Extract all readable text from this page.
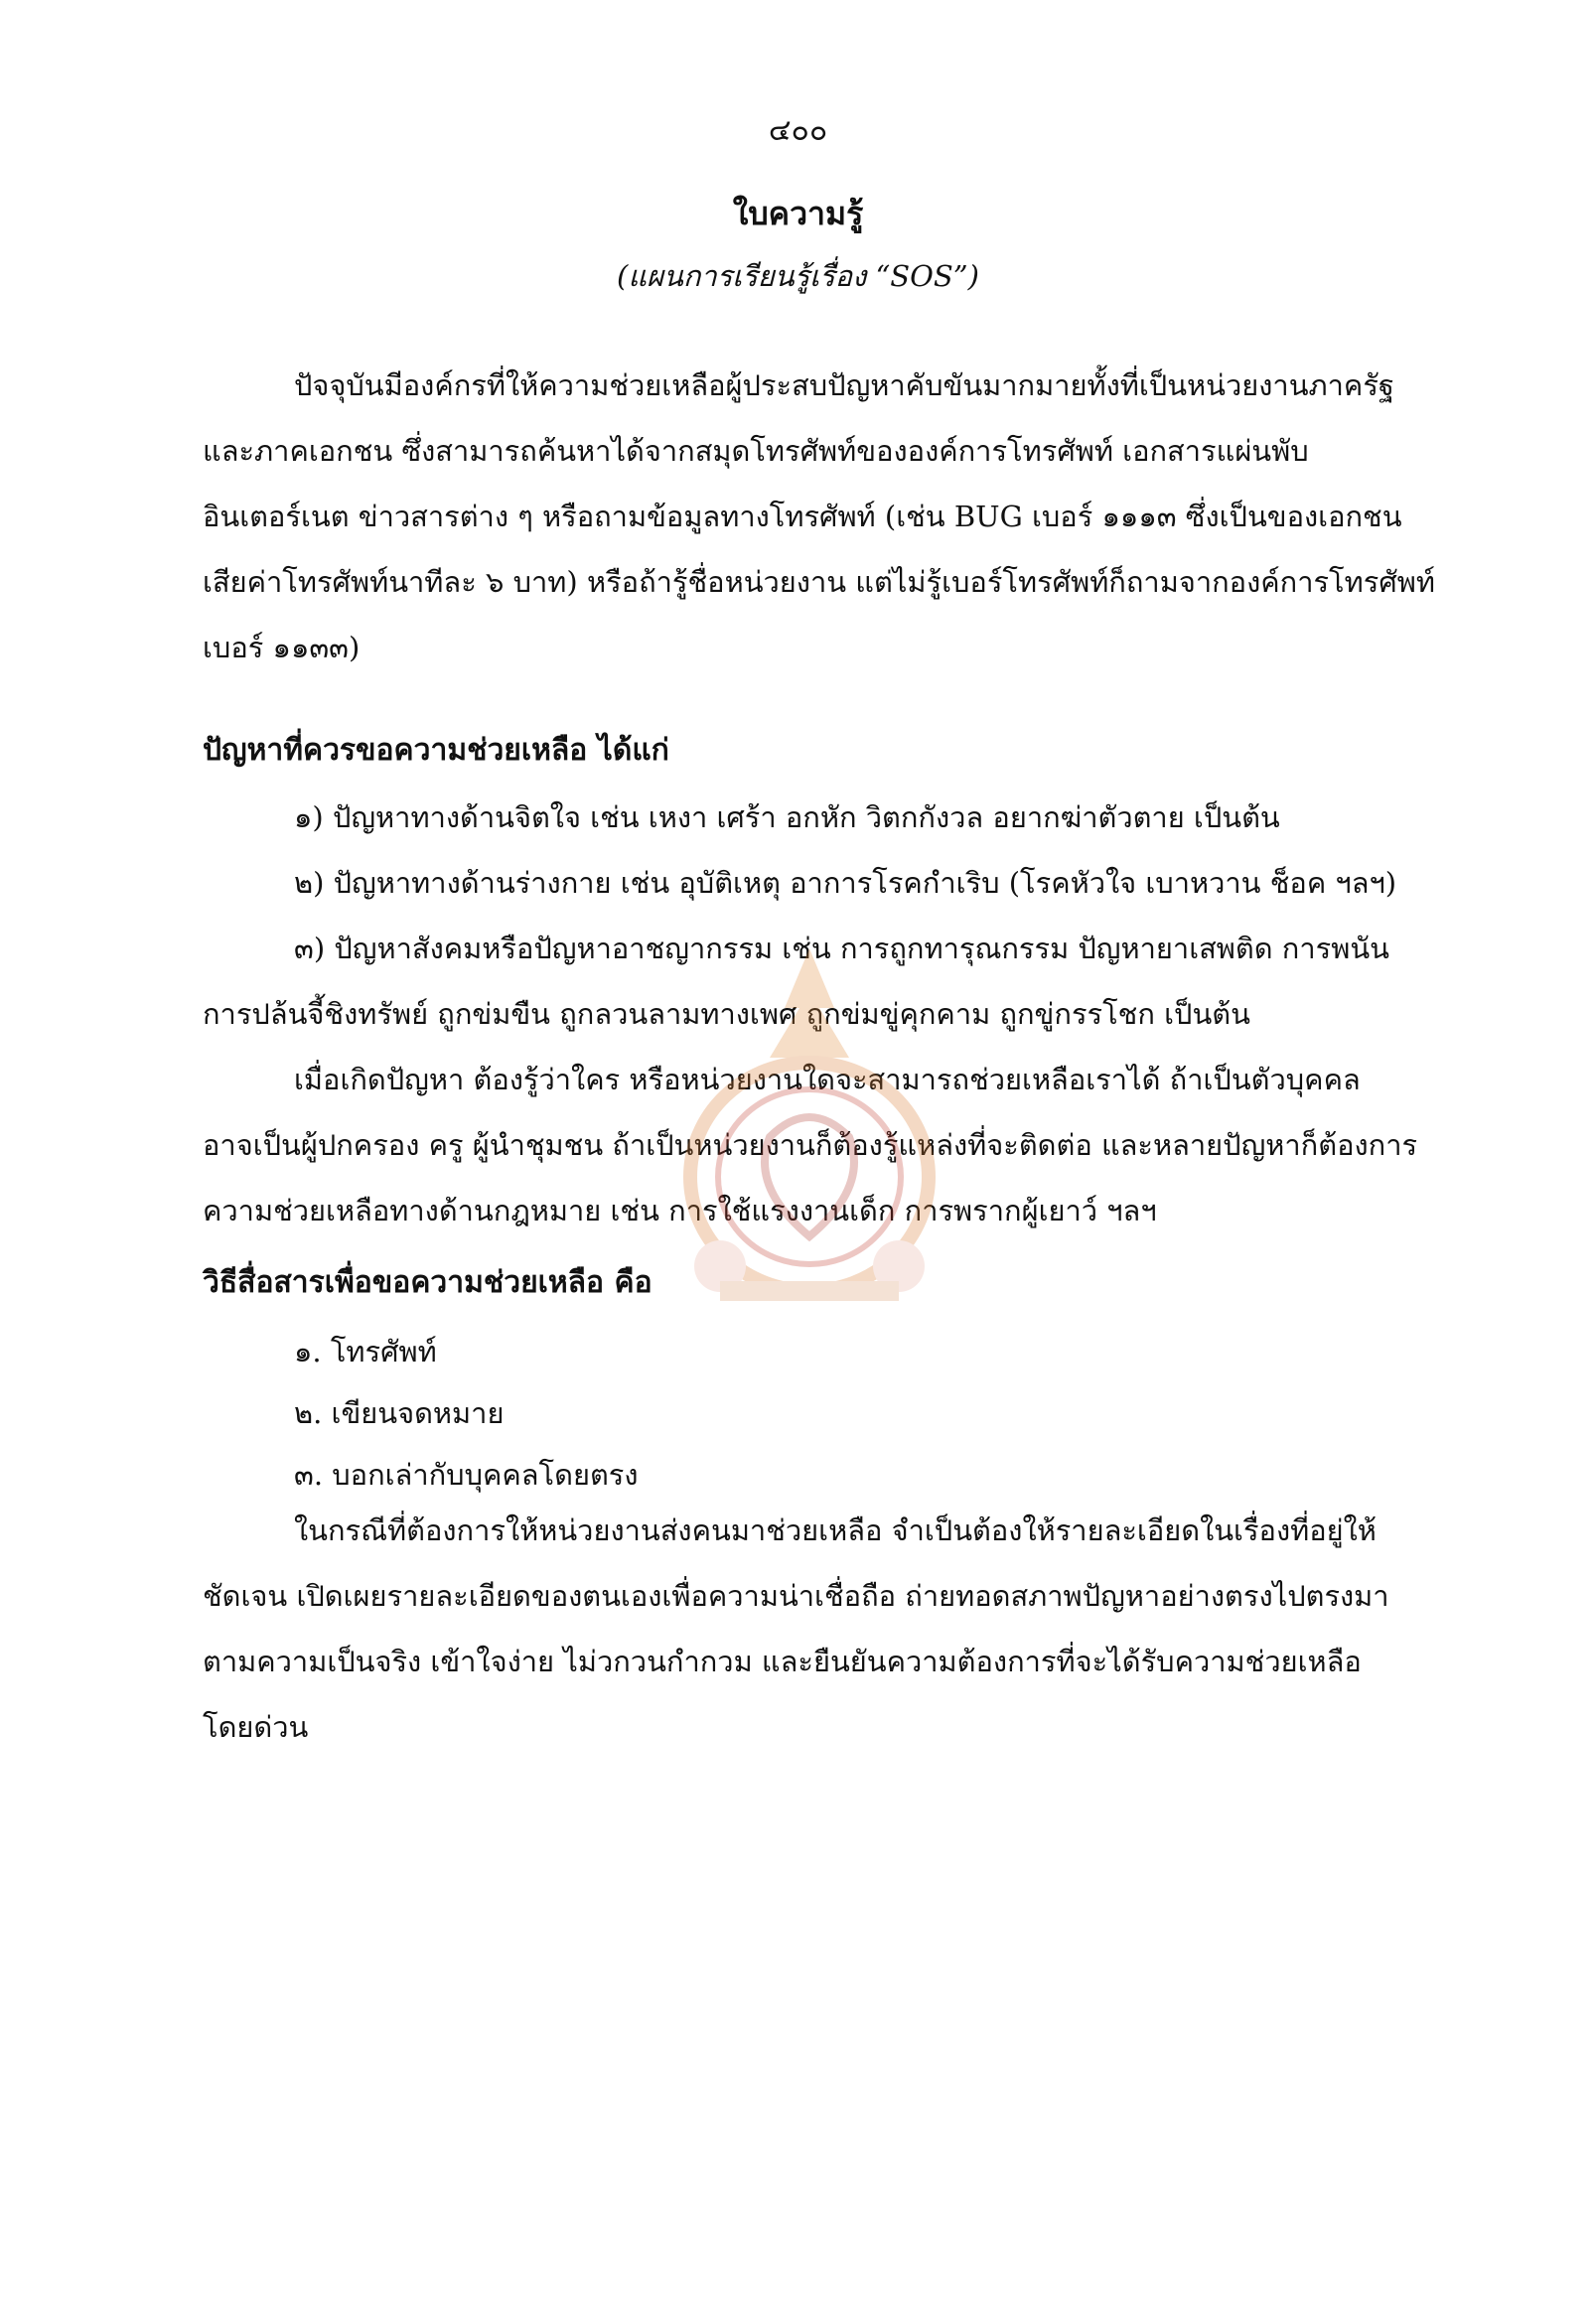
๔๐๐
ใบความรู้
(แผนการเรียนรู้เรื่อง “SOS”)
ปัจจุบันมีองค์กรที่ให้ความช่วยเหลือผู้ประสบปัญหาคับขันมากมายทั้งที่เป็นหน่วยงานภาครัฐ
และภาคเอกชน ซึ่งสามารถค้นหาได้จากสมุดโทรศัพท์ขององค์การโทรศัพท์ เอกสารแผ่นพับ
อินเตอร์เนต ข่าวสารต่าง ๆ หรือถามข้อมูลทางโทรศัพท์ (เช่น BUG เบอร์ ๑๑๑๓ ซึ่งเป็นของเอกชน
เสียค่าโทรศัพท์นาทีละ ๖ บาท) หรือถ้ารู้ชื่อหน่วยงาน แต่ไม่รู้เบอร์โทรศัพท์ก็ถามจากองค์การโทรศัพท์
เบอร์ ๑๑๓๓)
ปัญหาที่ควรขอความช่วยเหลือ ได้แก่
๑) ปัญหาทางด้านจิตใจ เช่น เหงา เศร้า อกหัก วิตกกังวล อยากฆ่าตัวตาย เป็นต้น
๒) ปัญหาทางด้านร่างกาย เช่น อุบัติเหตุ อาการโรคกำเริบ (โรคหัวใจ เบาหวาน ช็อค ฯลฯ)
๓) ปัญหาสังคมหรือปัญหาอาชญากรรม เช่น การถูกทารุณกรรม ปัญหายาเสพติด การพนัน
การปล้นจี้ชิงทรัพย์ ถูกข่มขืน ถูกลวนลามทางเพศ ถูกข่มขู่คุกคาม ถูกขู่กรรโชก เป็นต้น
เมื่อเกิดปัญหา ต้องรู้ว่าใคร หรือหน่วยงานใดจะสามารถช่วยเหลือเราได้ ถ้าเป็นตัวบุคคล
อาจเป็นผู้ปกครอง ครู ผู้นำชุมชน ถ้าเป็นหน่วยงานก็ต้องรู้แหล่งที่จะติดต่อ และหลายปัญหาก็ต้องการ
ความช่วยเหลือทางด้านกฎหมาย เช่น การใช้แรงงานเด็ก การพรากผู้เยาว์ ฯลฯ
วิธีสื่อสารเพื่อขอความช่วยเหลือ คือ
๑. โทรศัพท์
๒. เขียนจดหมาย
๓. บอกเล่ากับบุคคลโดยตรง
ในกรณีที่ต้องการให้หน่วยงานส่งคนมาช่วยเหลือ จำเป็นต้องให้รายละเอียดในเรื่องที่อยู่ให้
ชัดเจน เปิดเผยรายละเอียดของตนเองเพื่อความน่าเชื่อถือ ถ่ายทอดสภาพปัญหาอย่างตรงไปตรงมา
ตามความเป็นจริง เข้าใจง่าย ไม่วกวนกำกวม และยืนยันความต้องการที่จะได้รับความช่วยเหลือ
โดยด่วน
